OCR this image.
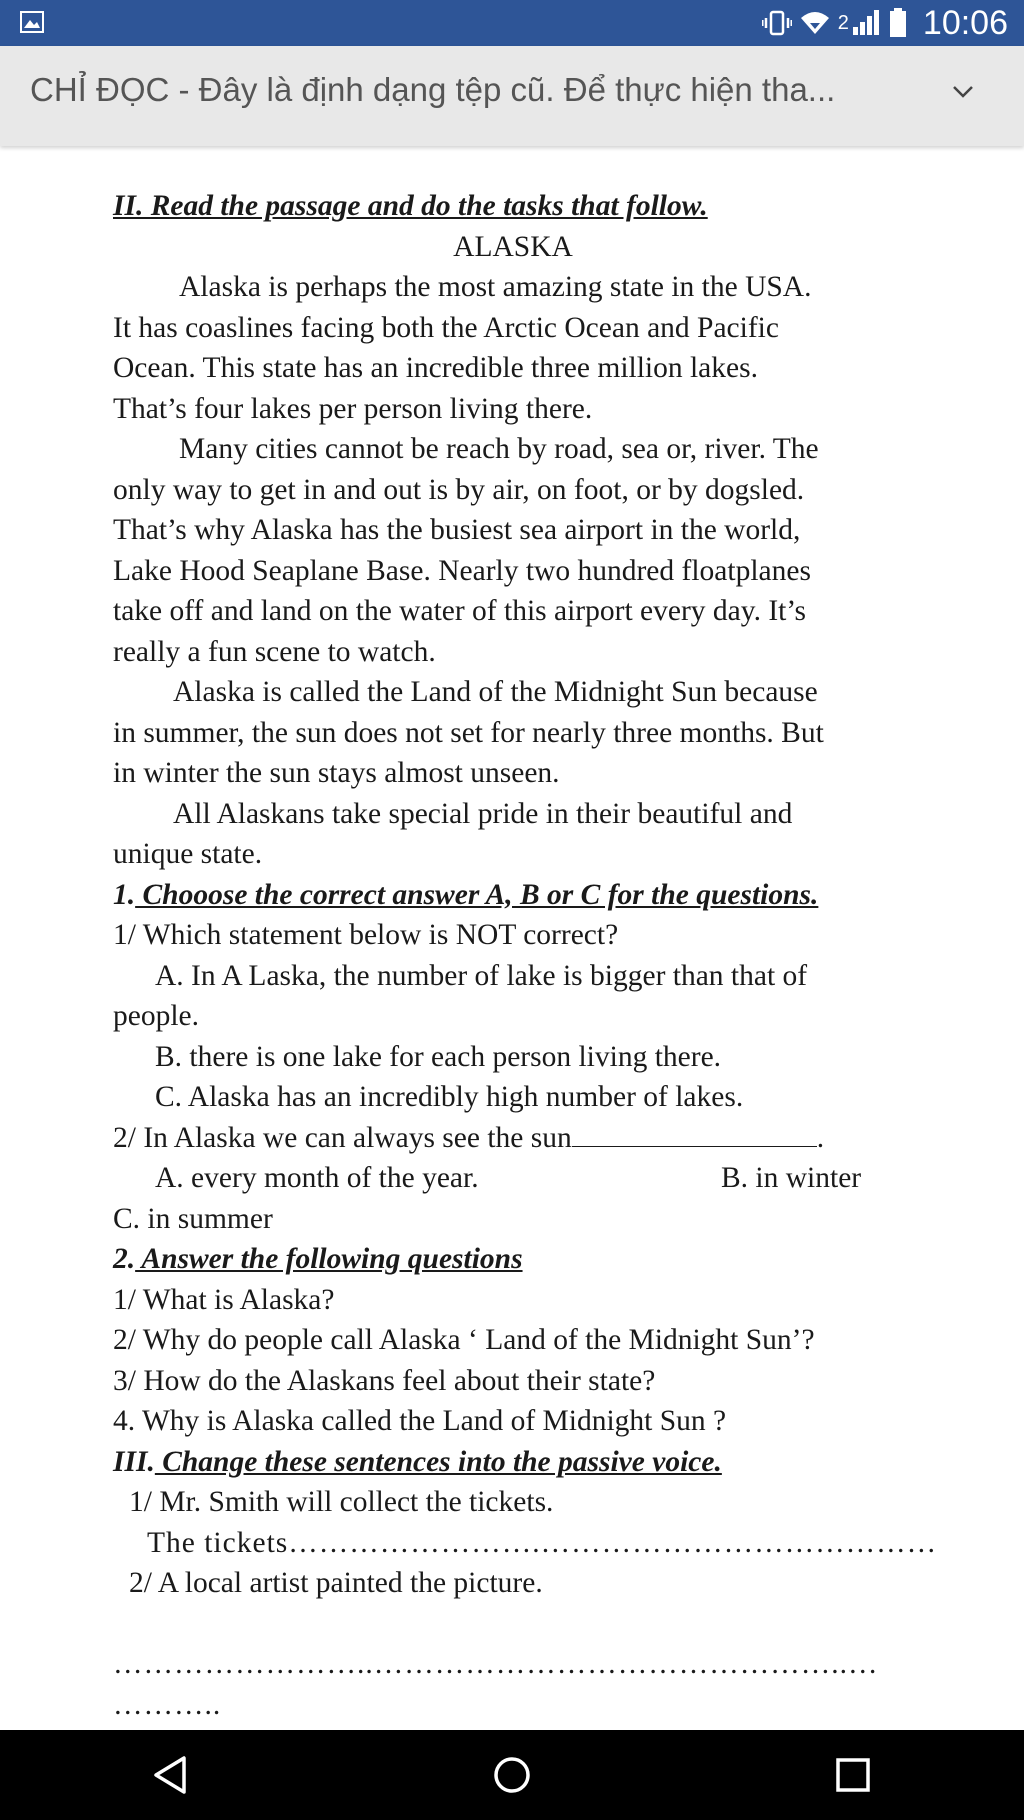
2 10:06
CHỈ ĐỌC - Đây là định dạng tệp cũ. Để thực hiện tha...
II. Read the passage and do the tasks that follow.
ALASKA
Alaska is perhaps the most amazing state in the USA.
It has coaslines facing both the Arctic Ocean and Pacific
Ocean. This state has an incredible three million lakes.
That’s four lakes per person living there.
Many cities cannot be reach by road, sea or, river. The
only way to get in and out is by air, on foot, or by dogsled.
That’s why Alaska has the busiest sea airport in the world,
Lake Hood Seaplane Base. Nearly two hundred floatplanes
take off and land on the water of this airport every day. It’s
really a fun scene to watch.
Alaska is called the Land of the Midnight Sun because
in summer, the sun does not set for nearly three months. But
in winter the sun stays almost unseen.
All Alaskans take special pride in their beautiful and
unique state.
1. Chooose the correct answer A, B or C for the questions.
1/ Which statement below is NOT correct?
A. In A Laska, the number of lake is bigger than that of
people.
B. there is one lake for each person living there.
C. Alaska has an incredibly high number of lakes.
2/ In Alaska we can always see the sun	.
A. every month of the year.	B. in winter
C. in summer
2. Answer the following questions
1/ What is Alaska?
2/ Why do people call Alaska ‘ Land of the Midnight Sun’?
3/ How do the Alaskans feel about their state?
4. Why is Alaska called the Land of Midnight Sun ?
III. Change these sentences into the passive voice.
1/ Mr. Smith will collect the tickets.
The tickets…………………….…………………………………
2/ A local artist painted the picture.
……………………..………………………………………..…
………..
